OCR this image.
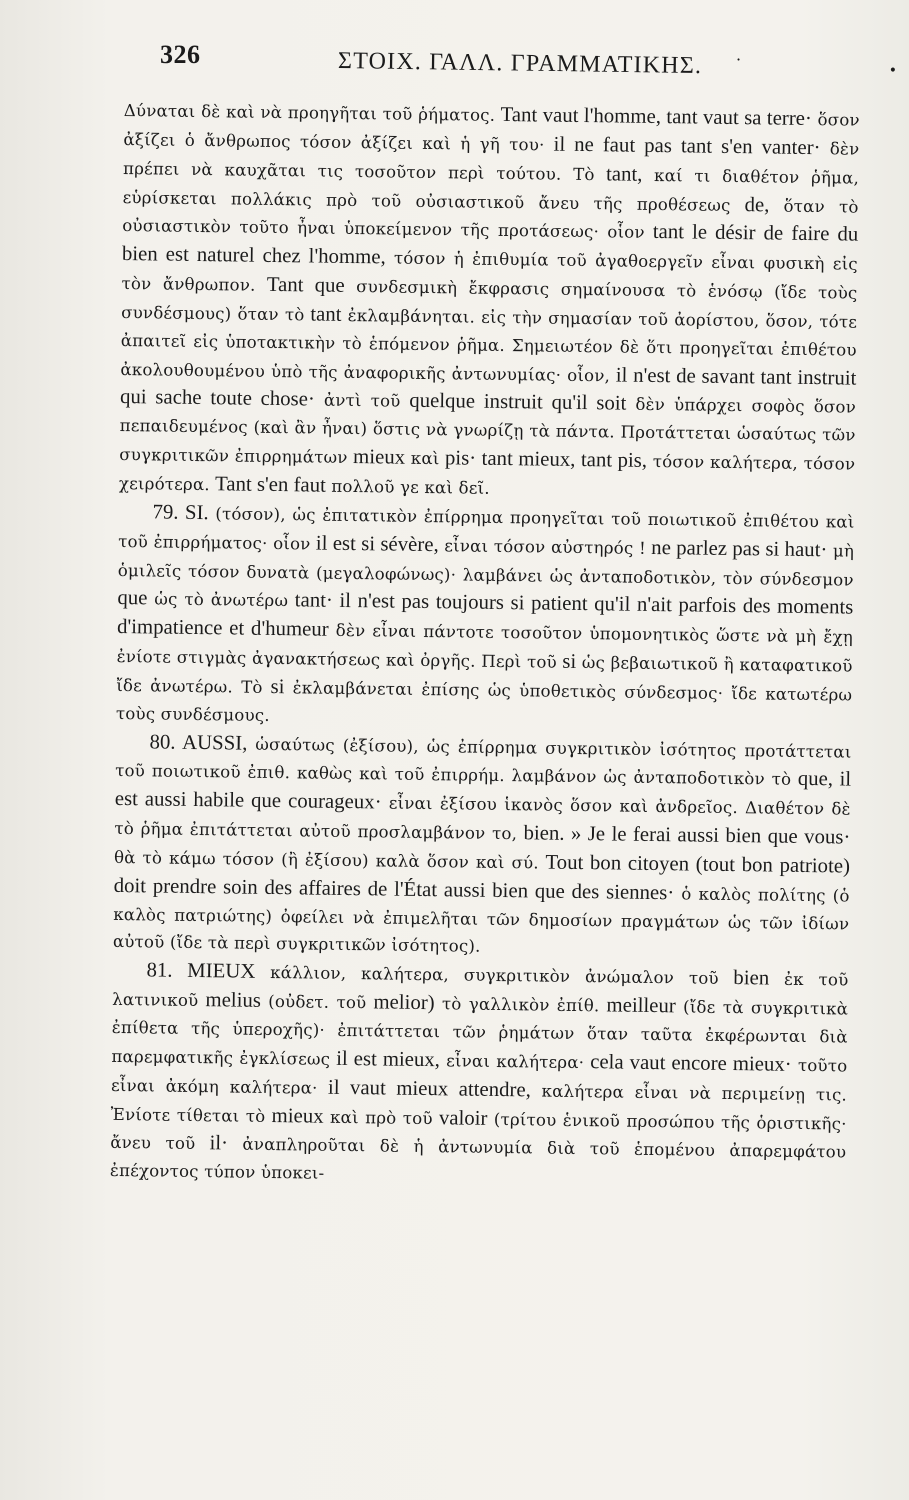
326	ΣΤΟΙΧ. ΓΑΛΛ. ΓΡΑΜΜΑΤΙΚΗΣ. ·
•

Δύναται δὲ καὶ νὰ προηγῆται τοῦ ῥήματος. Tant vaut l'homme, tant vaut sa terre· ὅσον ἀξίζει ὁ ἄνθρωπος τόσον ἀξίζει καὶ ἡ γῆ του· il ne faut pas tant s'en vanter· δὲν πρέπει νὰ καυχᾶται τις τοσοῦτον περὶ τούτου. Τὸ tant, καί τι διαθέτον ῥῆμα, εὑρίσκεται πολλάκις πρὸ τοῦ οὐσιαστικοῦ ἄνευ τῆς προθέσεως de, ὅταν τὸ οὐσιαστικὸν τοῦτο ἦναι ὑποκείμενον τῆς προτάσεως· οἷον tant le désir de faire du bien est naturel chez l'homme, τόσον ἡ ἐπιθυμία τοῦ ἀγαθοεργεῖν εἶναι φυσικὴ εἰς τὸν ἄνθρωπον. Tant que συνδεσμικὴ ἔκφρασις σημαίνουσα τὸ ἑνόσῳ (ἴδε τοὺς συνδέσμους) ὅταν τὸ tant ἐκλαμβάνηται. εἰς τὴν σημασίαν τοῦ ἀορίστου, ὅσον, τότε ἀπαιτεῖ εἰς ὑποτακτικὴν τὸ ἑπόμενον ῥῆμα. Σημειωτέον δὲ ὅτι προηγεῖται ἐπιθέτου ἀκολουθουμένου ὑπὸ τῆς ἀναφορικῆς ἀντωνυμίας· οἷον, il n'est de savant tant instruit qui sache toute chose· ἀντὶ τοῦ quelque instruit qu'il soit δὲν ὑπάρχει σοφὸς ὅσον πεπαιδευμένος (καὶ ἂν ἦναι) ὅστις νὰ γνωρίζῃ τὰ πάντα. Προτάττεται ὡσαύτως τῶν συγκριτικῶν ἐπιρρημάτων mieux καὶ pis· tant mieux, tant pis, τόσον καλήτερα, τόσον χειρότερα. Tant s'en faut πολλοῦ γε καὶ δεῖ.

79. SI. (τόσον), ὡς ἐπιτατικὸν ἐπίρρημα προηγεῖται τοῦ ποιωτικοῦ ἐπιθέτου καὶ τοῦ ἐπιρρήματος· οἷον il est si sévère, εἶναι τόσον αὐστηρός ! ne parlez pas si haut· μὴ ὁμιλεῖς τόσον δυνατὰ (μεγαλοφώνως)· λαμβάνει ὡς ἀνταποδοτικὸν, τὸν σύνδεσμον que ὡς τὸ ἀνωτέρω tant· il n'est pas toujours si patient qu'il n'ait parfois des moments d'impatience et d'humeur δὲν εἶναι πάντοτε τοσοῦτον ὑπομονητικὸς ὥστε νὰ μὴ ἔχῃ ἐνίοτε στιγμὰς ἀγανακτήσεως καὶ ὀργῆς. Περὶ τοῦ si ὡς βεβαιωτικοῦ ἢ καταφατικοῦ ἴδε ἀνωτέρω. Τὸ si ἐκλαμβάνεται ἐπίσης ὡς ὑποθετικὸς σύνδεσμος· ἴδε κατωτέρω τοὺς συνδέσμους.

80. AUSSI, ὡσαύτως (ἐξίσου), ὡς ἐπίρρημα συγκριτικὸν ἰσότητος προτάττεται τοῦ ποιωτικοῦ ἐπιθ. καθὼς καὶ τοῦ ἐπιρρήμ. λαμβάνον ὡς ἀνταποδοτικὸν τὸ que, il est aussi habile que courageux· εἶναι ἐξίσου ἱκανὸς ὅσον καὶ ἀνδρεῖος. Διαθέτον δὲ τὸ ῥῆμα ἐπιτάττεται αὐτοῦ προσλαμβάνον το, bien. » Je le ferai aussi bien que vous· θὰ τὸ κάμω τόσον (ἢ ἐξίσου) καλὰ ὅσον καὶ σύ. Tout bon citoyen (tout bon patriote) doit prendre soin des affaires de l'État aussi bien que des siennes· ὁ καλὸς πολίτης (ὁ καλὸς πατριώτης) ὀφείλει νὰ ἐπιμελῆται τῶν δημοσίων πραγμάτων ὡς τῶν ἰδίων αὐτοῦ (ἴδε τὰ περὶ συγκριτικῶν ἰσότητος).

81. MIEUX κάλλιον, καλήτερα, συγκριτικὸν ἀνώμαλον τοῦ bien ἐκ τοῦ λατινικοῦ melius (οὐδετ. τοῦ melior) τὸ γαλλικὸν ἐπίθ. meilleur (ἴδε τὰ συγκριτικὰ ἐπίθετα τῆς ὑπεροχῆς)· ἐπιτάττεται τῶν ῥημάτων ὅταν ταῦτα ἐκφέρωνται διὰ παρεμφατικῆς ἐγκλίσεως il est mieux, εἶναι καλήτερα· cela vaut encore mieux· τοῦτο εἶναι ἀκόμη καλήτερα· il vaut mieux attendre, καλήτερα εἶναι νὰ περιμείνῃ τις. Ἐνίοτε τίθεται τὸ mieux καὶ πρὸ τοῦ valoir (τρίτου ἑνικοῦ προσώπου τῆς ὁριστικῆς· ἄνευ τοῦ il· ἀναπληροῦται δὲ ἡ ἀντωνυμία διὰ τοῦ ἑπομένου ἀπαρεμφάτου ἐπέχοντος τύπον ὑποκει-
